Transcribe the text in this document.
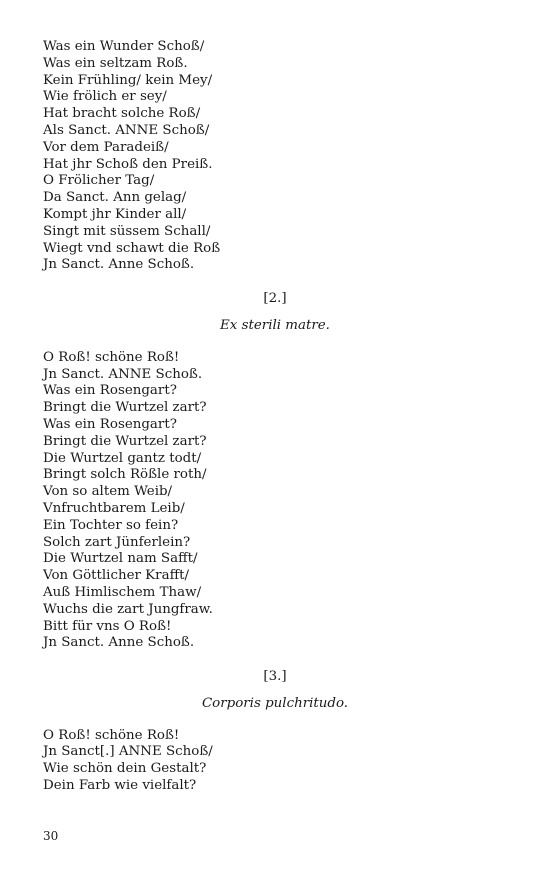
Was ein Wunder Schoß/
Was ein seltzam Roß.
Kein Frühling/ kein Mey/
Wie frölich er sey/
Hat bracht solche Roß/
Als Sanct. ANNE Schoß/
Vor dem Paradeiß/
Hat jhr Schoß den Preiß.
O Frölicher Tag/
Da Sanct. Ann gelag/
Kompt jhr Kinder all/
Singt mit süssem Schall/
Wiegt vnd schawt die Roß
Jn Sanct. Anne Schoß.
[2.]
Ex sterili matre.
O Roß! schöne Roß!
Jn Sanct. ANNE Schoß.
Was ein Rosengart?
Bringt die Wurtzel zart?
Was ein Rosengart?
Bringt die Wurtzel zart?
Die Wurtzel gantz todt/
Bringt solch Rößle roth/
Von so altem Weib/
Vnfruchtbarem Leib/
Ein Tochter so fein?
Solch zart Jünferlein?
Die Wurtzel nam Safft/
Von Göttlicher Krafft/
Auß Himlischem Thaw/
Wuchs die zart Jungfraw.
Bitt für vns O Roß!
Jn Sanct. Anne Schoß.
[3.]
Corporis pulchritudo.
O Roß! schöne Roß!
Jn Sanct[.] ANNE Schoß/
Wie schön dein Gestalt?
Dein Farb wie vielfalt?
30
